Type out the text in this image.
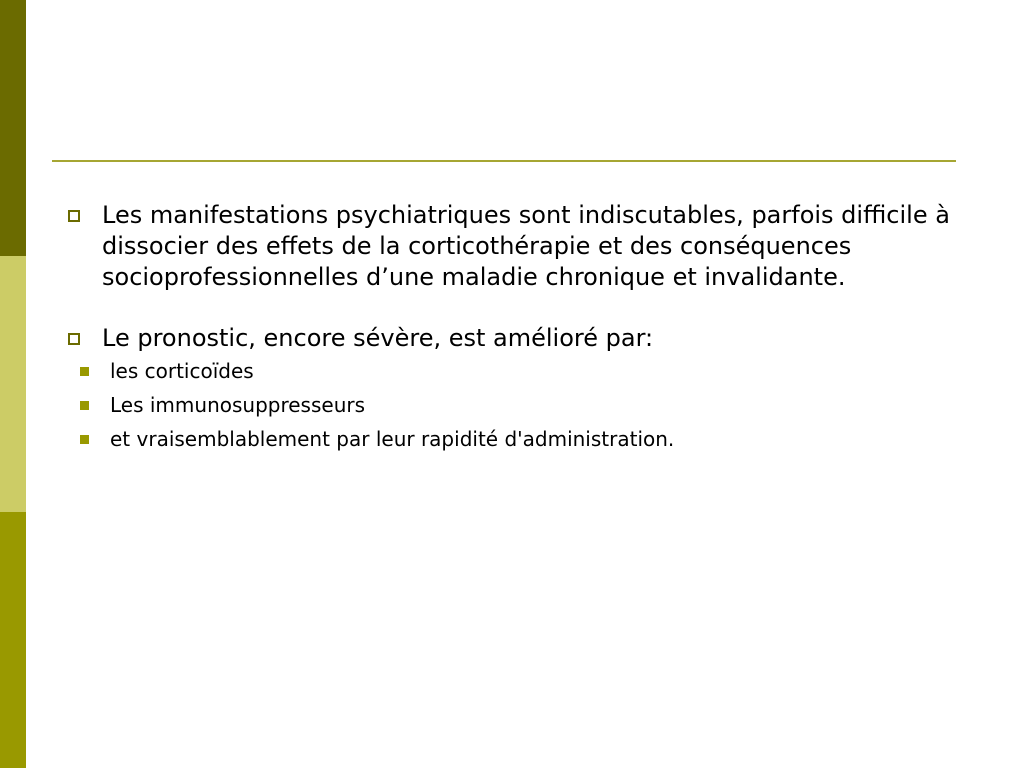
Les manifestations psychiatriques sont indiscutables, parfois difficile à dissocier des effets de la corticothérapie et des conséquences socioprofessionnelles d’une maladie chronique et invalidante.
Le pronostic, encore sévère, est amélioré par:
les corticoïdes
Les immunosuppresseurs
et vraisemblablement par leur rapidité d'administration.
